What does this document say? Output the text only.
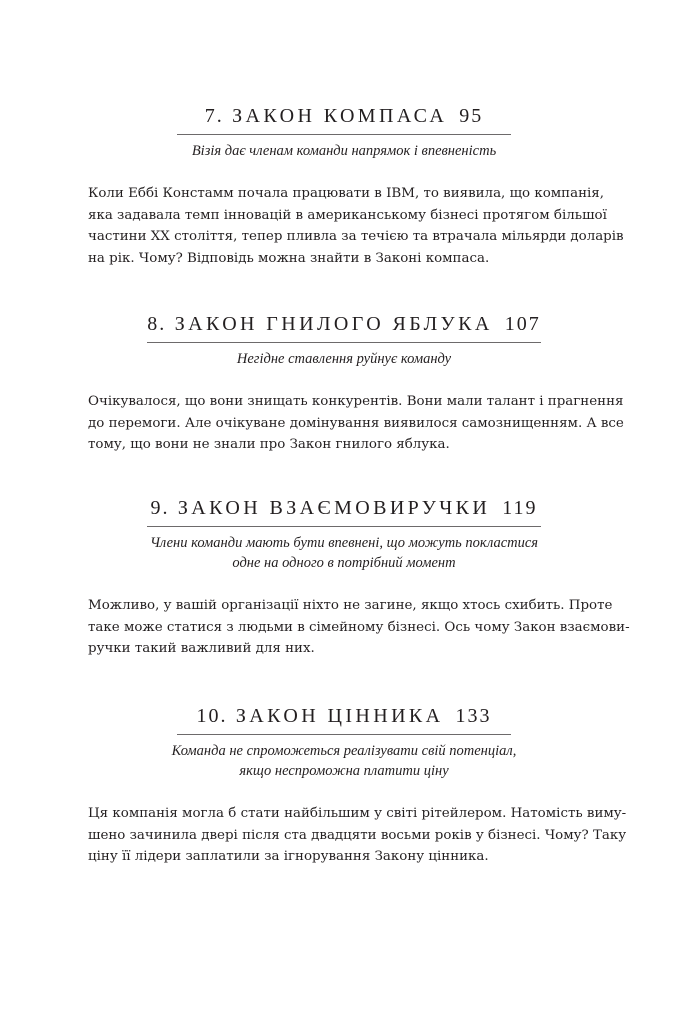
7. ЗАКОН КОМПАСА 95
Візія дає членам команди напрямок і впевненість
Коли Еббі Констамм почала працювати в IBM, то виявила, що компанія,
яка задавала темп інновацій в американському бізнесі протягом більшої
частини ХХ століття, тепер пливла за течією та втрачала мільярди доларів
на рік. Чому? Відповідь можна знайти в Законі компаса.
8. ЗАКОН ГНИЛОГО ЯБЛУКА 107
Негідне ставлення руйнує команду
Очікувалося, що вони знищать конкурентів. Вони мали талант і прагнення
до перемоги. Але очікуване домінування виявилося самознищенням. А все
тому, що вони не знали про Закон гнилого яблука.
9. ЗАКОН ВЗАЄМОВИРУЧКИ 119
Члени команди мають бути впевнені, що можуть покластися
одне на одного в потрібний момент
Можливо, у вашій організації ніхто не загине, якщо хтось схибить. Проте
таке може статися з людьми в сімейному бізнесі. Ось чому Закон взаємови-
ручки такий важливий для них.
10. ЗАКОН ЦІННИКА 133
Команда не спроможеться реалізувати свій потенціал,
якщо неспроможна платити ціну
Ця компанія могла б стати найбільшим у світі рітейлером. Натомість виму-
шено зачинила двері після ста двадцяти восьми років у бізнесі. Чому? Таку
ціну її лідери заплатили за ігнорування Закону цінника.
